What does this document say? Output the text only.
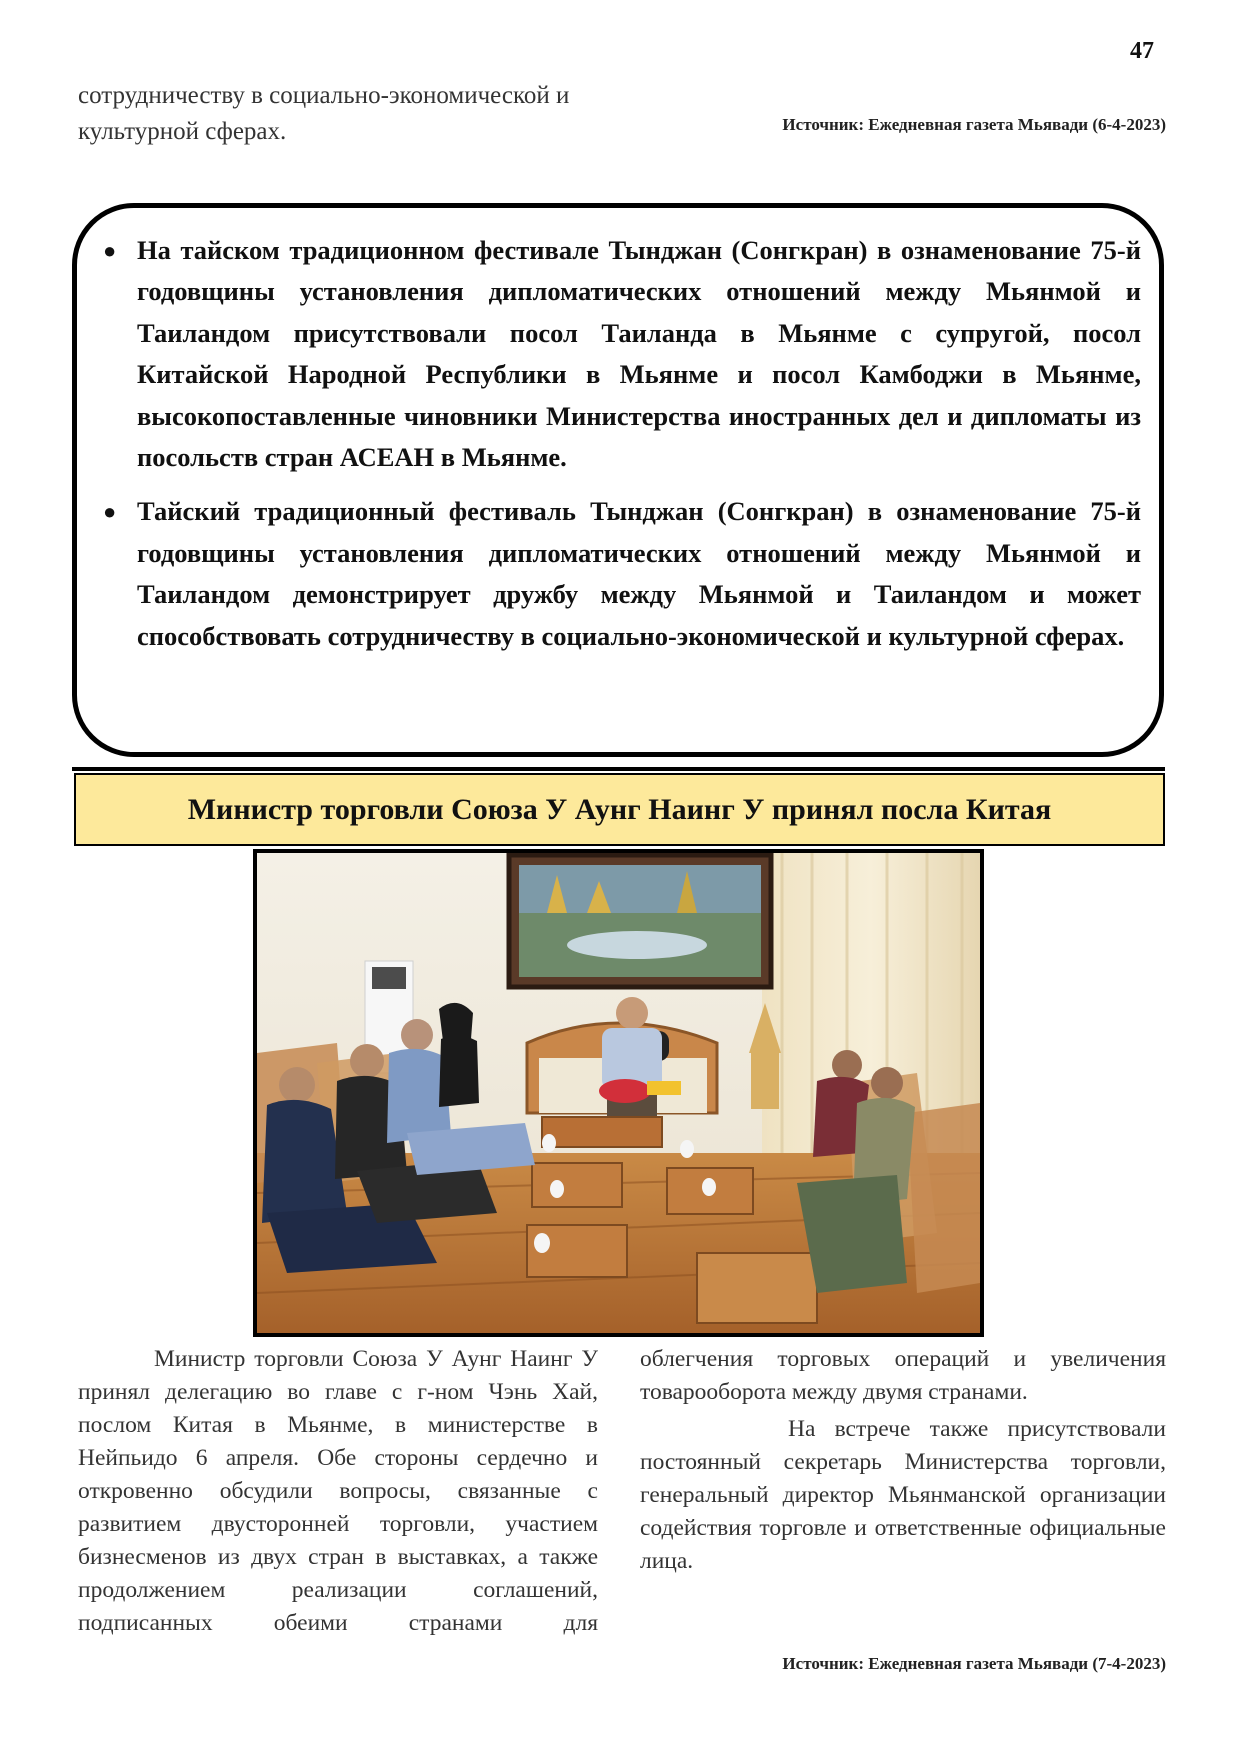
47
сотрудничеству в социально-экономической и культурной сферах.	Источник: Ежедневная газета Мьявади (6-4-2023)
● На тайском традиционном фестивале Тынджан (Сонгкран) в ознаменование 75-й годовщины установления дипломатических отношений между Мьянмой и Таиландом присутствовали посол Таиланда в Мьянме с супругой, посол Китайской Народной Республики в Мьянме и посол Камбоджи в Мьянме, высокопоставленные чиновники Министерства иностранных дел и дипломаты из посольств стран АСЕАН в Мьянме.
● Тайский традиционный фестиваль Тынджан (Сонгкран) в ознаменование 75-й годовщины установления дипломатических отношений между Мьянмой и Таиландом демонстрирует дружбу между Мьянмой и Таиландом и может способствовать сотрудничеству в социально-экономической и культурной сферах.
Министр торговли Союза У Аунг Наинг У принял посла Китая

Министр торговли Союза У Аунг Наинг У принял делегацию во главе с г-ном Чэнь Хай, послом Китая в Мьянме, в министерстве в Нейпьидо 6 апреля. Обе стороны сердечно и откровенно обсудили вопросы, связанные с развитием двусторонней торговли, участием бизнесменов из двух стран в выставках, а также продолжением реализации соглашений, подписанных обеими странами для

облегчения торговых операций и увеличения товарооборота между двумя странами.

На встрече также присутствовали постоянный секретарь Министерства торговли, генеральный директор Мьянманской организации содействия торговле и ответственные официальные лица.

Источник: Ежедневная газета Мьявади (7-4-2023)
